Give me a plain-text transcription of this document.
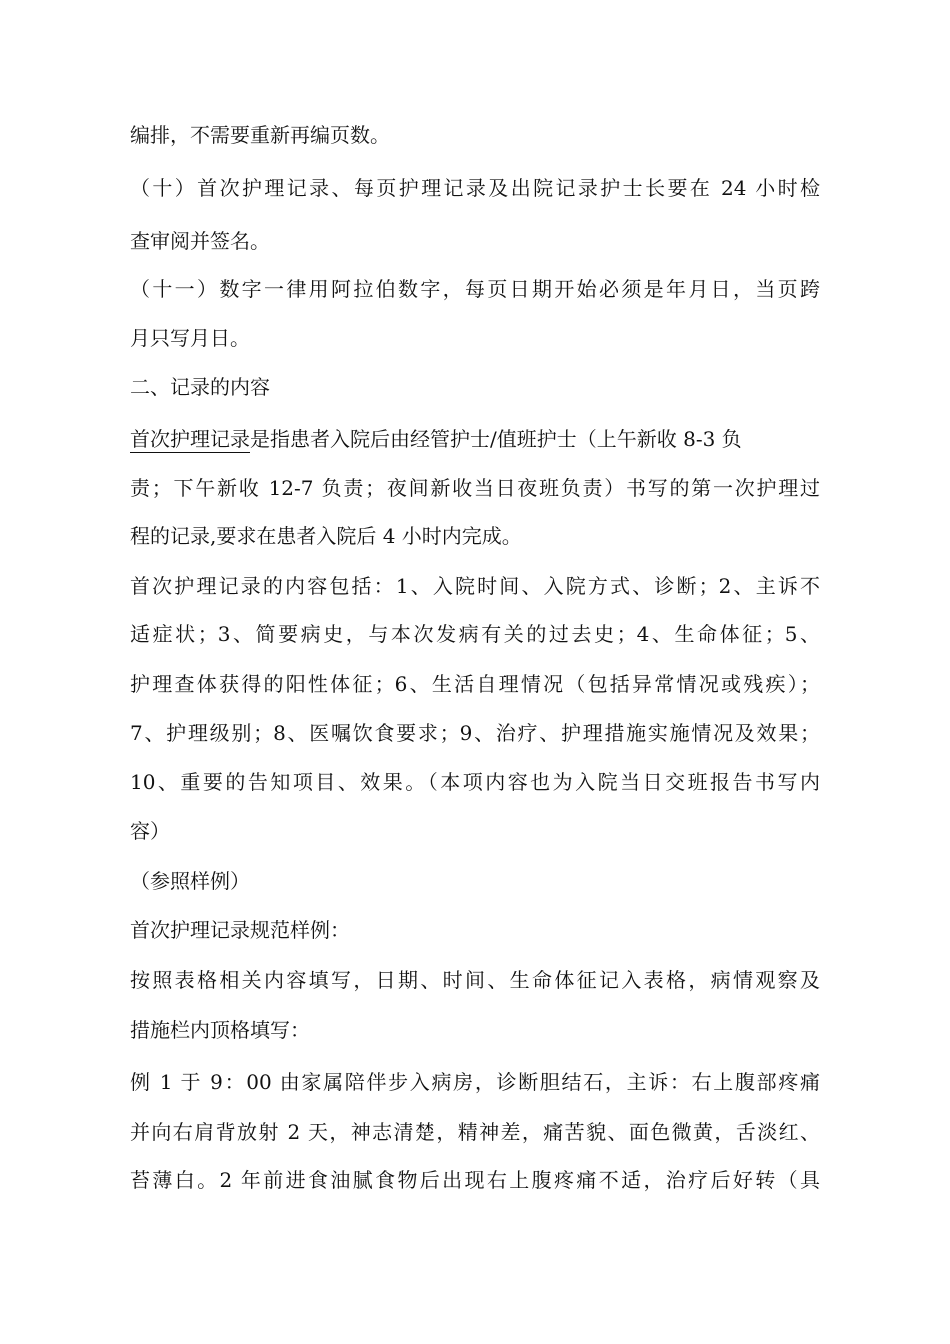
编排，不需要重新再编页数。
（十）首次护理记录、每页护理记录及出院记录护士长要在 24 小时检
查审阅并签名。
（十一）数字一律用阿拉伯数字，每页日期开始必须是年月日，当页跨
月只写月日。
二、记录的内容
首次护理记录是指患者入院后由经管护士/值班护士（上午新收 8-3 负
责；下午新收 12-7 负责；夜间新收当日夜班负责）书写的第一次护理过
程的记录,要求在患者入院后 4 小时内完成。
首次护理记录的内容包括：1、入院时间、入院方式、诊断；2、主诉不
适症状；3、简要病史，与本次发病有关的过去史；4、生命体征；5、
护理查体获得的阳性体征；6、生活自理情况（包括异常情况或残疾）；
7、护理级别；8、医嘱饮食要求；9、治疗、护理措施实施情况及效果；
10、重要的告知项目、效果。（本项内容也为入院当日交班报告书写内
容）
（参照样例）
首次护理记录规范样例：
按照表格相关内容填写，日期、时间、生命体征记入表格，病情观察及
措施栏内顶格填写：
例 1 于 9：00 由家属陪伴步入病房，诊断胆结石，主诉：右上腹部疼痛
并向右肩背放射 2 天，神志清楚，精神差，痛苦貌、面色微黄，舌淡红、
苔薄白。2 年前进食油腻食物后出现右上腹疼痛不适，治疗后好转（具
